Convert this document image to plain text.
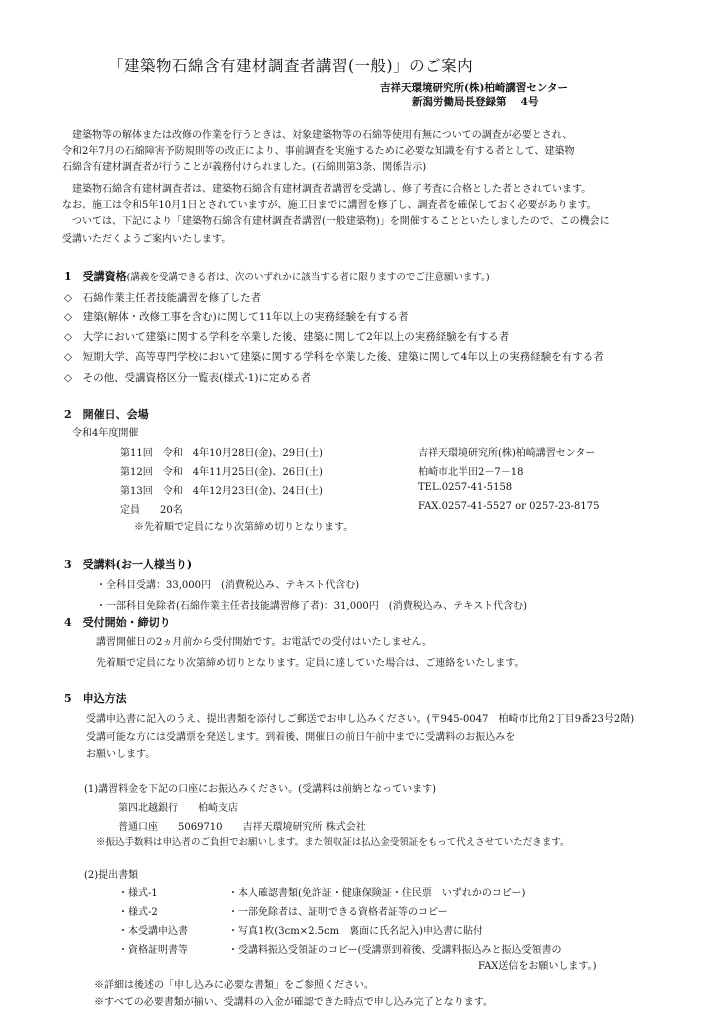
「建築物石綿含有建材調査者講習(一般)」のご案内
吉祥天環境研究所(株)柏崎講習センター
新潟労働局長登録第　 4号
建築物等の解体または改修の作業を行うときは、対象建築物等の石綿等使用有無についての調査が必要とされ、
令和2年7月の石綿障害予防規則等の改正により、事前調査を実施するために必要な知識を有する者として、建築物
石綿含有建材調査者が行うことが義務付けられました。(石綿則第3条、関係告示)
建築物石綿含有建材調査者は、建築物石綿含有建材調査者講習を受講し、修了考査に合格とした者とされています。
なお、施工は令和5年10月1日とされていますが、施工日までに講習を修了し、調査者を確保しておく必要があります。
ついては、下記により「建築物石綿含有建材調査者講習(一般建築物)」を開催することといたしましたので、この機会に
受講いただくようご案内いたします。
1　受講資格(講義を受講できる者は、次のいずれかに該当する者に限りますのでご注意願います。)
◇　 石綿作業主任者技能講習を修了した者
◇　 建築(解体・改修工事を含む)に関して11年以上の実務経験を有する者
◇　 大学において建築に関する学科を卒業した後、建築に関して2年以上の実務経験を有する者
◇　 短期大学、高等専門学校において建築に関する学科を卒業した後、建築に関して4年以上の実務経験を有する者
◇　 その他、受講資格区分一覧表(様式-1)に定める者
2　開催日、会場
令和4年度開催
第11回　令和　4年10月28日(金)、29日(土)
第12回　令和　4年11月25日(金)、26日(土)
第13回　令和　4年12月23日(金)、24日(土)
定員　　20名
※先着順で定員になり次第締め切りとなります。
吉祥天環境研究所(株)柏崎講習センター
柏崎市北半田2－7－18
TEL.0257-41-5158
FAX.0257-41-5527 or 0257-23-8175
3　受講料(お一人様当り)
・全科目受講：33,000円　(消費税込み、テキスト代含む)
・一部科目免除者(石綿作業主任者技能講習修了者)：31,000円　(消費税込み、テキスト代含む)
4　受付開始・締切り
講習開催日の2ヵ月前から受付開始です。お電話での受付はいたしません。
先着順で定員になり次第締め切りとなります。定員に達していた場合は、ご連絡をいたします。
5　申込方法
受講申込書に記入のうえ、提出書類を添付しご郵送でお申し込みください。(〒945-0047　柏崎市比角2丁目9番23号2階)
受講可能な方には受講票を発送します。到着後、開催日の前日午前中までに受講料のお振込みを
お願いします。
(1)講習料金を下記の口座にお振込みください。(受講料は前納となっています)
第四北越銀行　　柏崎支店
普通口座　　5069710　　吉祥天環境研究所 株式会社
※振込手数料は申込者のご負担でお願いします。また領収証は払込金受領証をもって代えさせていただきます。
(2)提出書類
・様式-1	・本人確認書類(免許証・健康保険証・住民票　いずれかのコピー)
・様式-2	・一部免除者は、証明できる資格者証等のコピー
・本受講申込書	・写真1枚(3cm×2.5cm　裏面に氏名記入)申込書に貼付
・資格証明書等	・受講料振込受領証のコピー(受講票到着後、受講料振込みと振込受領書の
FAX送信をお願いします。)
※詳細は後述の「申し込みに必要な書類」をご参照ください。
※すべての必要書類が揃い、受講料の入金が確認できた時点で申し込み完了となります。
